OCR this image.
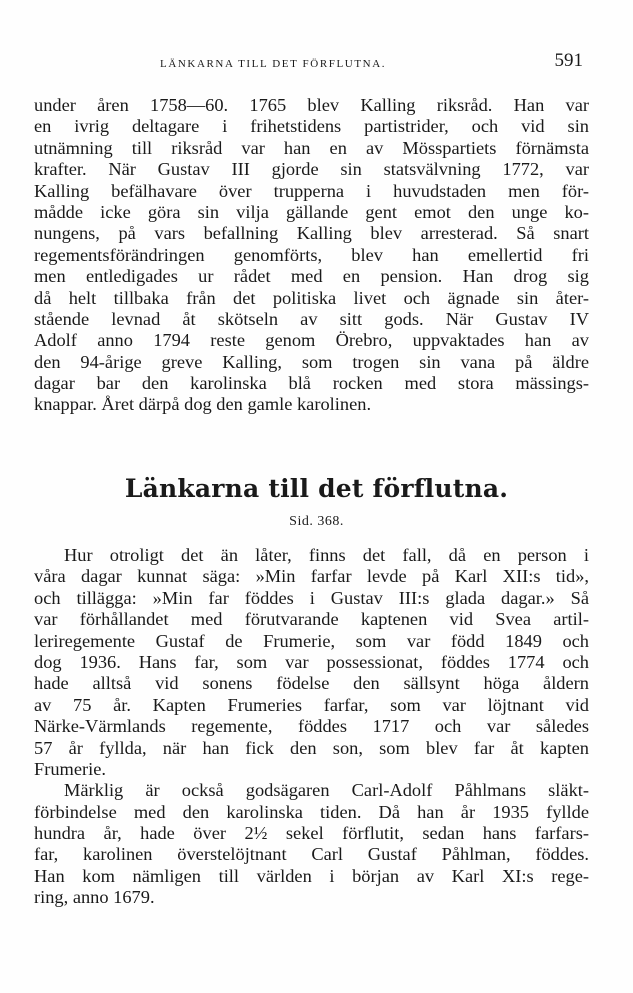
LÄNKARNA TILL DET FÖRFLUTNA.	591
under åren 1758—60. 1765 blev Kalling riksråd. Han var
en ivrig deltagare i frihetstidens partistrider, och vid sin
utnämning till riksråd var han en av Mösspartiets förnämsta
krafter. När Gustav III gjorde sin statsvälvning 1772, var
Kalling befälhavare över trupperna i huvudstaden men för-
mådde icke göra sin vilja gällande gent emot den unge ko-
nungens, på vars befallning Kalling blev arresterad. Så snart
regementsförändringen genomförts, blev han emellertid fri
men entledigades ur rådet med en pension. Han drog sig
då helt tillbaka från det politiska livet och ägnade sin åter-
stående levnad åt skötseln av sitt gods. När Gustav IV
Adolf anno 1794 reste genom Örebro, uppvaktades han av
den 94-årige greve Kalling, som trogen sin vana på äldre
dagar bar den karolinska blå rocken med stora mässings-
knappar. Året därpå dog den gamle karolinen.
Länkarna till det förflutna.
Sid. 368.
Hur otroligt det än låter, finns det fall, då en person i
våra dagar kunnat säga: »Min farfar levde på Karl XII:s tid»,
och tillägga: »Min far föddes i Gustav III:s glada dagar.» Så
var förhållandet med förutvarande kaptenen vid Svea artil-
leriregemente Gustaf de Frumerie, som var född 1849 och
dog 1936. Hans far, som var possessionat, föddes 1774 och
hade alltså vid sonens födelse den sällsynt höga åldern
av 75 år. Kapten Frumeries farfar, som var löjtnant vid
Närke-Värmlands regemente, föddes 1717 och var således
57 år fyllda, när han fick den son, som blev far åt kapten
Frumerie.
Märklig är också godsägaren Carl-Adolf Påhlmans släkt-
förbindelse med den karolinska tiden. Då han år 1935 fyllde
hundra år, hade över 2½ sekel förflutit, sedan hans farfars-
far, karolinen överstelöjtnant Carl Gustaf Påhlman, föddes.
Han kom nämligen till världen i början av Karl XI:s rege-
ring, anno 1679.
